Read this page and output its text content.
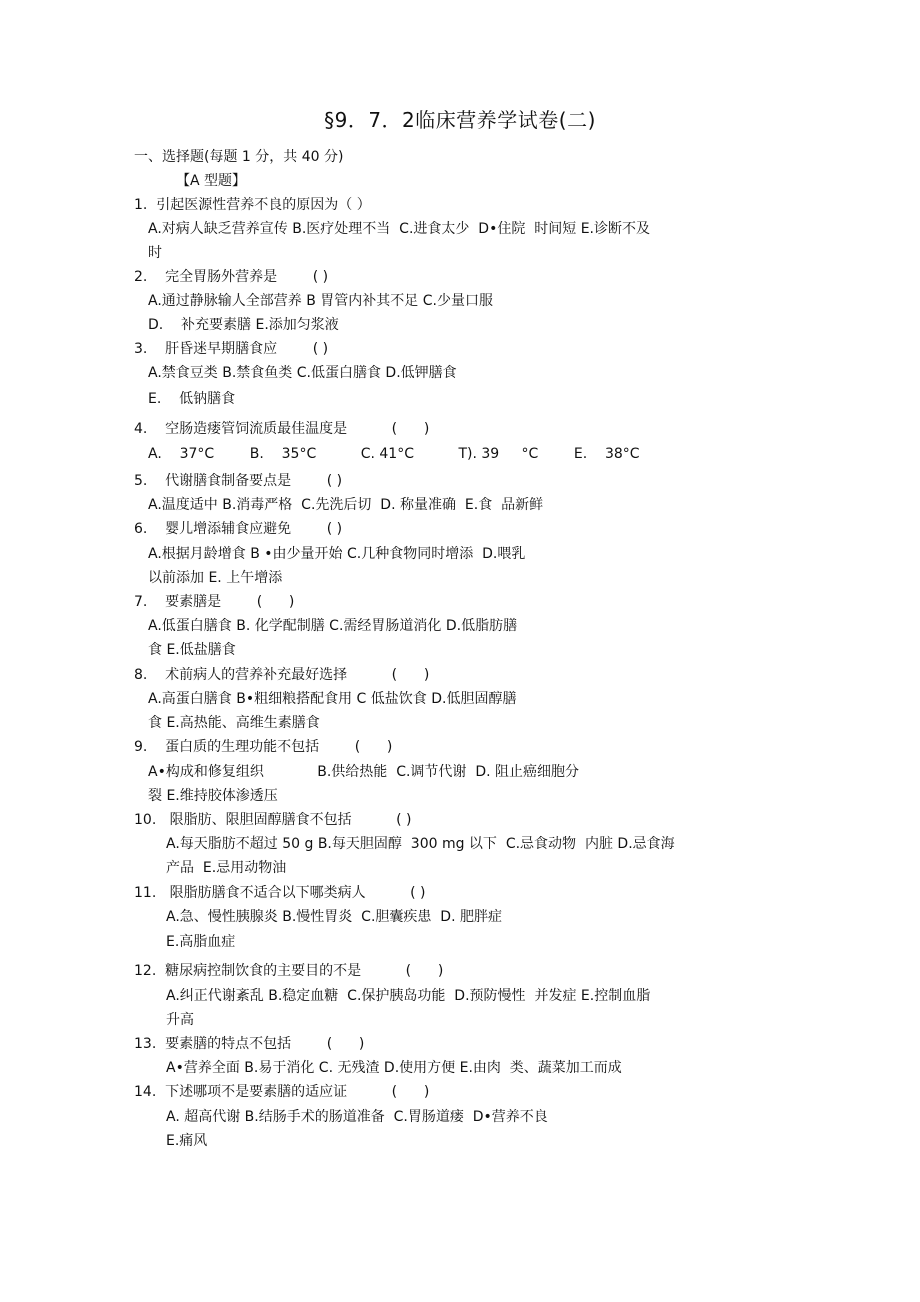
§9．7．2临床营养学试卷(二)
一、选择题(每题 1 分，共 40 分)
【A 型题】
1.  引起医源性营养不良的原因为（ ）
A.对病人缺乏营养宣传 B.医疗处理不当  C.进食太少  D•住院  时间短 E.诊断不及
时
2.    完全胃肠外营养是        ( )
A.通过静脉输人全部营养 B 胃管内补其不足 C.少量口服
D.    补充要素膳 E.添加匀浆液
3.    肝昏迷早期膳食应        ( )
A.禁食豆类 B.禁食鱼类 C.低蛋白膳食 D.低钾膳食
E.    低钠膳食
4.    空肠造瘘管饲流质最佳温度是          (      )
A.    37°C        B.    35°C          C. 41°C          T). 39     °C        E.    38°C
5.    代谢膳食制备要点是        ( )
A.温度适中 B.消毒严格  C.先洗后切  D. 称量准确  E.食  品新鲜
6.    婴儿增添辅食应避免        ( )
A.根据月龄增食 B •由少量开始 C.几种食物同时增添  D.喂乳
以前添加 E. 上午增添
7.    要素膳是        (      )
A.低蛋白膳食 B. 化学配制膳 C.需经胃肠道消化 D.低脂肪膳
食 E.低盐膳食
8.    术前病人的营养补充最好选择          (      )
A.高蛋白膳食 B•粗细粮搭配食用 C 低盐饮食 D.低胆固醇膳
食 E.高热能、高维生素膳食
9.    蛋白质的生理功能不包括        (      )
A•构成和修复组织            B.供给热能  C.调节代谢  D. 阻止癌细胞分
裂 E.维持胶体渗透压
10.   限脂肪、限胆固醇膳食不包括          ( )
A.每天脂肪不超过 50 g B.每天胆固醇  300 mg 以下  C.忌食动物  内脏 D.忌食海
产品  E.忌用动物油
11.   限脂肪膳食不适合以下哪类病人          ( )
A.急、慢性胰腺炎 B.慢性胃炎  C.胆囊疾患  D. 肥胖症
E.高脂血症
12.  糖尿病控制饮食的主要目的不是          (      )
A.纠正代谢紊乱 B.稳定血糖  C.保护胰岛功能  D.预防慢性  并发症 E.控制血脂
升高
13.  要素膳的特点不包括        (      )
A•营养全面 B.易于消化 C. 无残渣 D.使用方便 E.由肉  类、蔬菜加工而成
14.  下述哪项不是要素膳的适应证          (      )
A. 超高代谢 B.结肠手术的肠道准备  C.胃肠道瘘  D•营养不良
E.痛风
